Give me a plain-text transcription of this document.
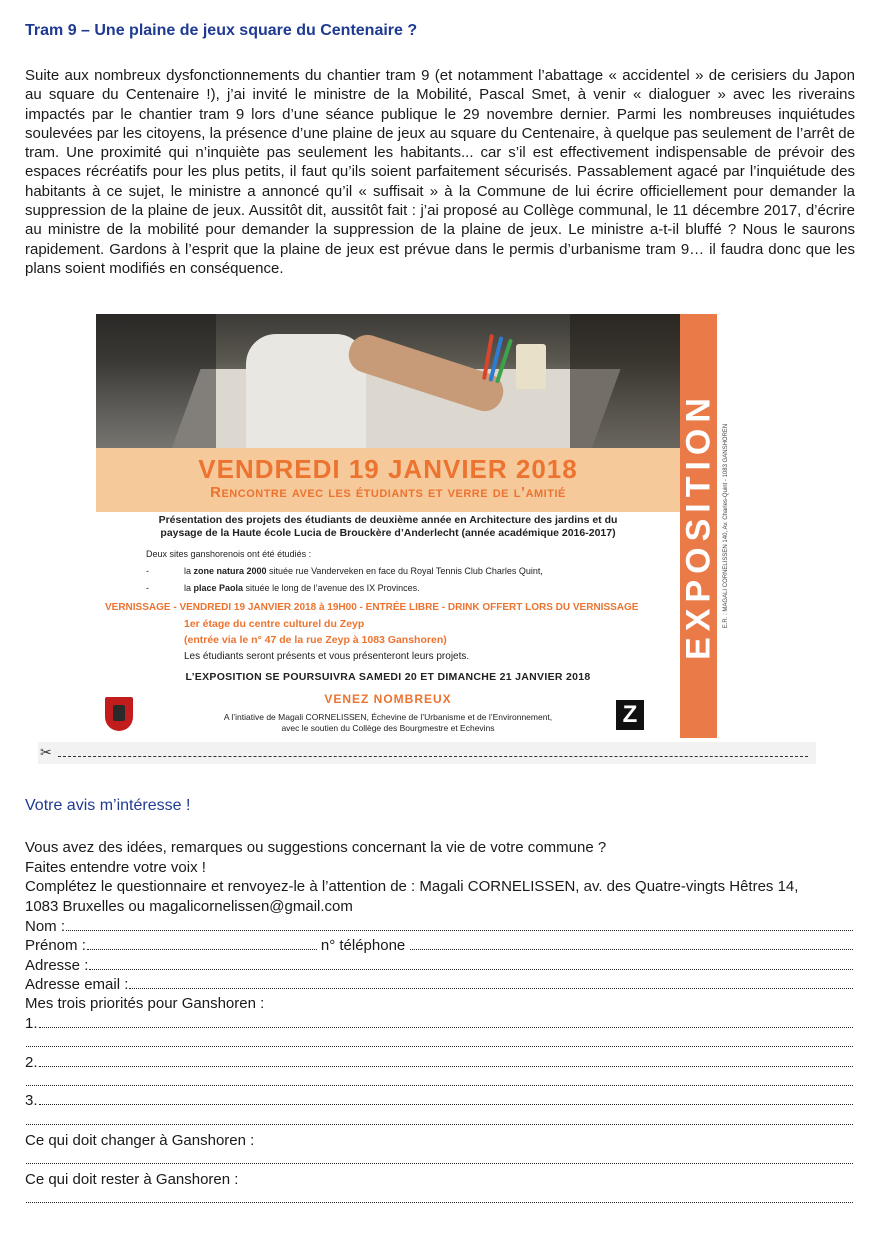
Tram 9 – Une plaine de jeux square du Centenaire ?

Suite aux nombreux dysfonctionnements du chantier tram 9 (et notamment l’abattage « accidentel » de cerisiers du Japon au square du Centenaire !), j’ai invité le ministre de la Mobilité, Pascal Smet, à venir « dialoguer » avec les riverains impactés par le chantier tram 9 lors d’une séance publique le 29 novembre dernier. Parmi les nombreuses inquiétudes soulevées par les citoyens, la présence d’une plaine de jeux au square du Centenaire, à quelque pas seulement de l’arrêt de tram. Une proximité qui n’inquiète pas seulement les habitants... car s’il est effectivement indispensable de prévoir des espaces récréatifs pour les plus petits, il faut qu’ils soient parfaitement sécurisés. Passablement agacé par l’inquiétude des habitants à ce sujet, le ministre a annoncé qu’il « suffisait » à la Commune de lui écrire officiellement pour demander la suppression de la plaine de jeux. Aussitôt dit, aussitôt fait : j’ai proposé au Collège communal, le 11 décembre 2017, d’écrire au ministre de la mobilité pour demander la suppression de la plaine de jeux. Le ministre a-t-il bluffé ? Nous le saurons rapidement. Gardons à l’esprit que la plaine de jeux est prévue dans le permis d’urbanisme tram 9… il faudra donc que les plans soient modifiés en conséquence.

VENDREDI 19 JANVIER 2018
Rencontre avec les étudiants et verre de l’amitié	EXPOSITION E.R. : MAGALI CORNELISSEN 140, Av. Charles-Quint - 1083 GANSHOREN
Présentation des projets des étudiants de deuxième année en Architecture des jardins et du
paysage de la Haute école Lucia de Brouckère d’Anderlecht (année académique 2016-2017)
Deux sites ganshorenois ont été étudiés :
-	la zone natura 2000 située rue Vanderveken en face du Royal Tennis Club Charles Quint,
-	la place Paola située le long de l’avenue des IX Provinces.
VERNISSAGE - VENDREDI 19 JANVIER 2018 à 19H00 - ENTRÉE LIBRE - DRINK OFFERT LORS DU VERNISSAGE
1er étage du centre culturel du Zeyp
(entrée via le n° 47 de la rue Zeyp à 1083 Ganshoren)
Les étudiants seront présents et vous présenteront leurs projets.
L’EXPOSITION SE POURSUIVRA SAMEDI 20 ET DIMANCHE 21 JANVIER 2018
VENEZ NOMBREUX
A l’intiative de Magali CORNELISSEN, Échevine de l’Urbanisme et de l’Environnement,
avec le soutien du Collège des Bourgmestre et Echevins	Z
✂
Votre avis m’intéresse !
Vous avez des idées, remarques ou suggestions concernant la vie de votre commune ?
Faites entendre votre voix !
Complétez le questionnaire et renvoyez-le à l’attention de : Magali CORNELISSEN, av. des Quatre-vingts Hêtres 14,
1083 Bruxelles ou magalicornelissen@gmail.com
Nom :
Prénom :	n° téléphone
Adresse :
Adresse email :
Mes trois priorités pour Ganshoren :
1.
2.
3.
Ce qui doit changer à Ganshoren :
Ce qui doit rester à Ganshoren :
